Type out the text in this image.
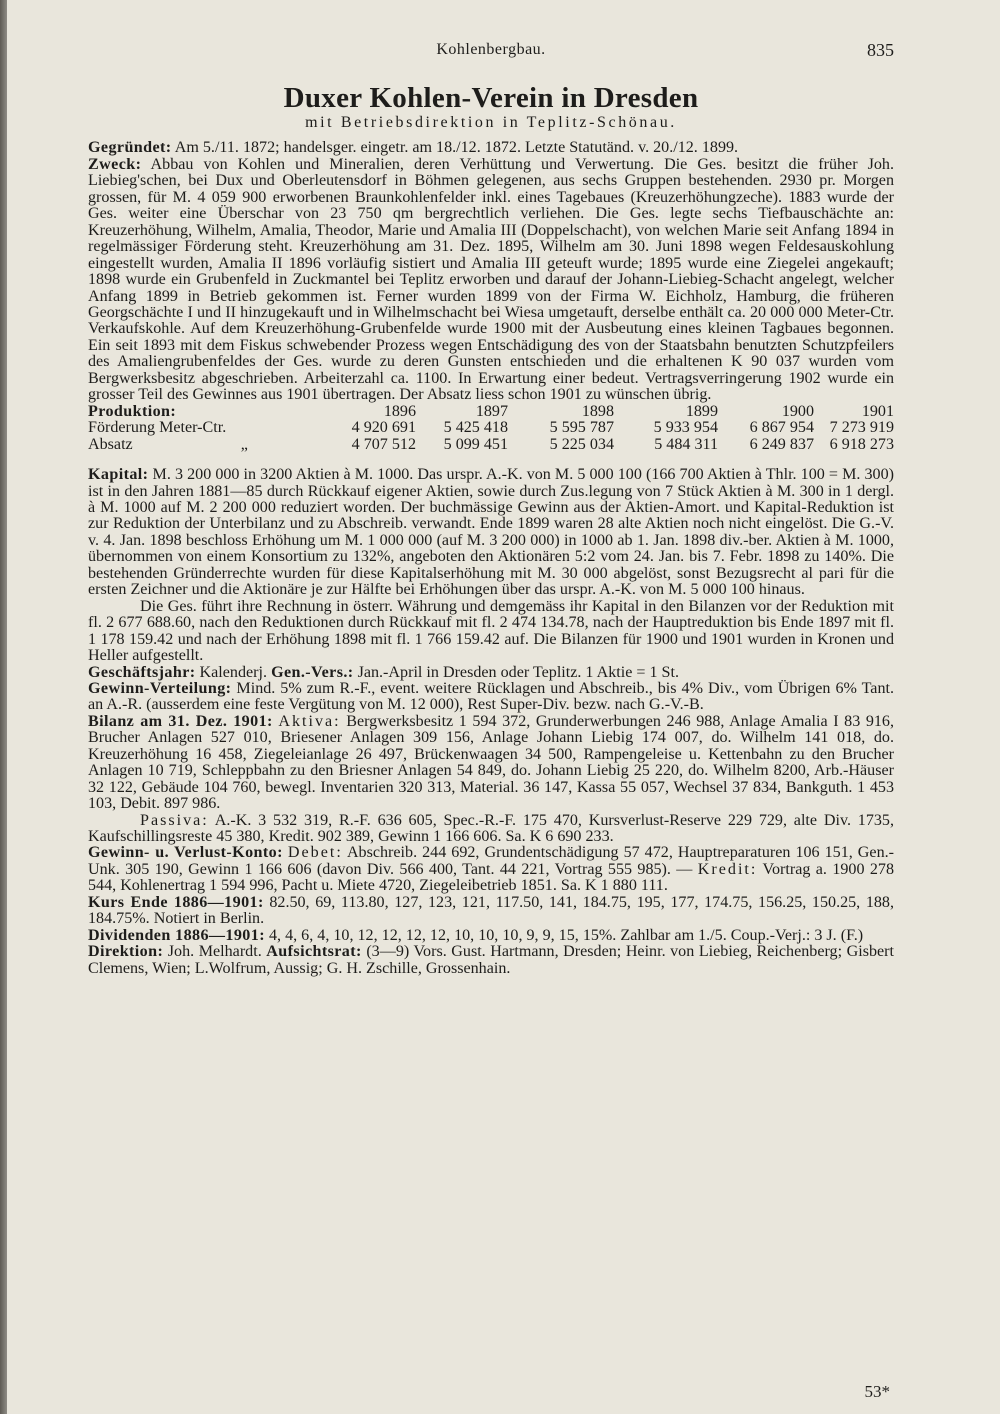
Kohlenbergbau.	835
Duxer Kohlen-Verein in Dresden
mit Betriebsdirektion in Teplitz-Schönau.

Gegründet: Am 5./11. 1872; handelsger. eingetr. am 18./12. 1872. Letzte Statutänd. v. 20./12. 1899.

Zweck: Abbau von Kohlen und Mineralien, deren Verhüttung und Verwertung. Die Ges. besitzt die früher Joh. Liebieg'schen, bei Dux und Oberleutensdorf in Böhmen gelegenen, aus sechs Gruppen bestehenden. 2930 pr. Morgen grossen, für M. 4 059 900 erworbenen Braunkohlenfelder inkl. eines Tagebaues (Kreuzerhöhungzeche). 1883 wurde der Ges. weiter eine Überschar von 23 750 qm bergrechtlich verliehen. Die Ges. legte sechs Tiefbauschächte an: Kreuzerhöhung, Wilhelm, Amalia, Theodor, Marie und Amalia III (Doppelschacht), von welchen Marie seit Anfang 1894 in regelmässiger Förderung steht. Kreuzerhöhung am 31. Dez. 1895, Wilhelm am 30. Juni 1898 wegen Feldesauskohlung eingestellt wurden, Amalia II 1896 vorläufig sistiert und Amalia III geteuft wurde; 1895 wurde eine Ziegelei angekauft; 1898 wurde ein Grubenfeld in Zuckmantel bei Teplitz erworben und darauf der Johann-Liebieg-Schacht angelegt, welcher Anfang 1899 in Betrieb gekommen ist. Ferner wurden 1899 von der Firma W. Eichholz, Hamburg, die früheren Georgschächte I und II hinzugekauft und in Wilhelmschacht bei Wiesa umgetauft, derselbe enthält ca. 20 000 000 Meter-Ctr. Verkaufskohle. Auf dem Kreuzerhöhung-Grubenfelde wurde 1900 mit der Ausbeutung eines kleinen Tagbaues begonnen. Ein seit 1893 mit dem Fiskus schwebender Prozess wegen Entschädigung des von der Staatsbahn benutzten Schutzpfeilers des Amaliengrubenfeldes der Ges. wurde zu deren Gunsten entschieden und die erhaltenen K 90 037 wurden vom Bergwerksbesitz abgeschrieben. Arbeiterzahl ca. 1100. In Erwartung einer bedeut. Vertragsverringerung 1902 wurde ein grosser Teil des Gewinnes aus 1901 übertragen. Der Absatz liess schon 1901 zu wünschen übrig.

Produktion:		1896	1897	1898	1899	1900	1901
Förderung Meter-Ctr.		4 920 691	5 425 418	5 595 787	5 933 954	6 867 954	7 273 919
Absatz „		4 707 512	5 099 451	5 225 034	5 484 311	6 249 837	6 918 273

Kapital: M. 3 200 000 in 3200 Aktien à M. 1000. Das urspr. A.-K. von M. 5 000 100 (166 700 Aktien à Thlr. 100 = M. 300) ist in den Jahren 1881—85 durch Rückkauf eigener Aktien, sowie durch Zus.legung von 7 Stück Aktien à M. 300 in 1 dergl. à M. 1000 auf M. 2 200 000 reduziert worden. Der buchmässige Gewinn aus der Aktien-Amort. und Kapital-Reduktion ist zur Reduktion der Unterbilanz und zu Abschreib. verwandt. Ende 1899 waren 28 alte Aktien noch nicht eingelöst. Die G.-V. v. 4. Jan. 1898 beschloss Erhöhung um M. 1 000 000 (auf M. 3 200 000) in 1000 ab 1. Jan. 1898 div.-ber. Aktien à M. 1000, übernommen von einem Konsortium zu 132%, angeboten den Aktionären 5:2 vom 24. Jan. bis 7. Febr. 1898 zu 140%. Die bestehenden Gründerrechte wurden für diese Kapitalserhöhung mit M. 30 000 abgelöst, sonst Bezugsrecht al pari für die ersten Zeichner und die Aktionäre je zur Hälfte bei Erhöhungen über das urspr. A.-K. von M. 5 000 100 hinaus.

Die Ges. führt ihre Rechnung in österr. Währung und demgemäss ihr Kapital in den Bilanzen vor der Reduktion mit fl. 2 677 688.60, nach den Reduktionen durch Rückkauf mit fl. 2 474 134.78, nach der Hauptreduktion bis Ende 1897 mit fl. 1 178 159.42 und nach der Erhöhung 1898 mit fl. 1 766 159.42 auf. Die Bilanzen für 1900 und 1901 wurden in Kronen und Heller aufgestellt.

Geschäftsjahr: Kalenderj. Gen.-Vers.: Jan.-April in Dresden oder Teplitz. 1 Aktie = 1 St.

Gewinn-Verteilung: Mind. 5% zum R.-F., event. weitere Rücklagen und Abschreib., bis 4% Div., vom Übrigen 6% Tant. an A.-R. (ausserdem eine feste Vergütung von M. 12 000), Rest Super-Div. bezw. nach G.-V.-B.

Bilanz am 31. Dez. 1901: Aktiva: Bergwerksbesitz 1 594 372, Grunderwerbungen 246 988, Anlage Amalia I 83 916, Brucher Anlagen 527 010, Briesener Anlagen 309 156, Anlage Johann Liebig 174 007, do. Wilhelm 141 018, do. Kreuzerhöhung 16 458, Ziegeleianlage 26 497, Brückenwaagen 34 500, Rampengeleise u. Kettenbahn zu den Brucher Anlagen 10 719, Schleppbahn zu den Briesner Anlagen 54 849, do. Johann Liebig 25 220, do. Wilhelm 8200, Arb.-Häuser 32 122, Gebäude 104 760, bewegl. Inventarien 320 313, Material. 36 147, Kassa 55 057, Wechsel 37 834, Bankguth. 1 453 103, Debit. 897 986.

Passiva: A.-K. 3 532 319, R.-F. 636 605, Spec.-R.-F. 175 470, Kursverlust-Reserve 229 729, alte Div. 1735, Kaufschillingsreste 45 380, Kredit. 902 389, Gewinn 1 166 606. Sa. K 6 690 233.

Gewinn- u. Verlust-Konto: Debet: Abschreib. 244 692, Grundentschädigung 57 472, Hauptreparaturen 106 151, Gen.-Unk. 305 190, Gewinn 1 166 606 (davon Div. 566 400, Tant. 44 221, Vortrag 555 985). — Kredit: Vortrag a. 1900 278 544, Kohlenertrag 1 594 996, Pacht u. Miete 4720, Ziegeleibetrieb 1851. Sa. K 1 880 111.

Kurs Ende 1886—1901: 82.50, 69, 113.80, 127, 123, 121, 117.50, 141, 184.75, 195, 177, 174.75, 156.25, 150.25, 188, 184.75%. Notiert in Berlin.

Dividenden 1886—1901: 4, 4, 6, 4, 10, 12, 12, 12, 12, 10, 10, 10, 9, 9, 15, 15%. Zahlbar am 1./5. Coup.-Verj.: 3 J. (F.)

Direktion: Joh. Melhardt. Aufsichtsrat: (3—9) Vors. Gust. Hartmann, Dresden; Heinr. von Liebieg, Reichenberg; Gisbert Clemens, Wien; L.Wolfrum, Aussig; G. H. Zschille, Grossenhain.

53*
